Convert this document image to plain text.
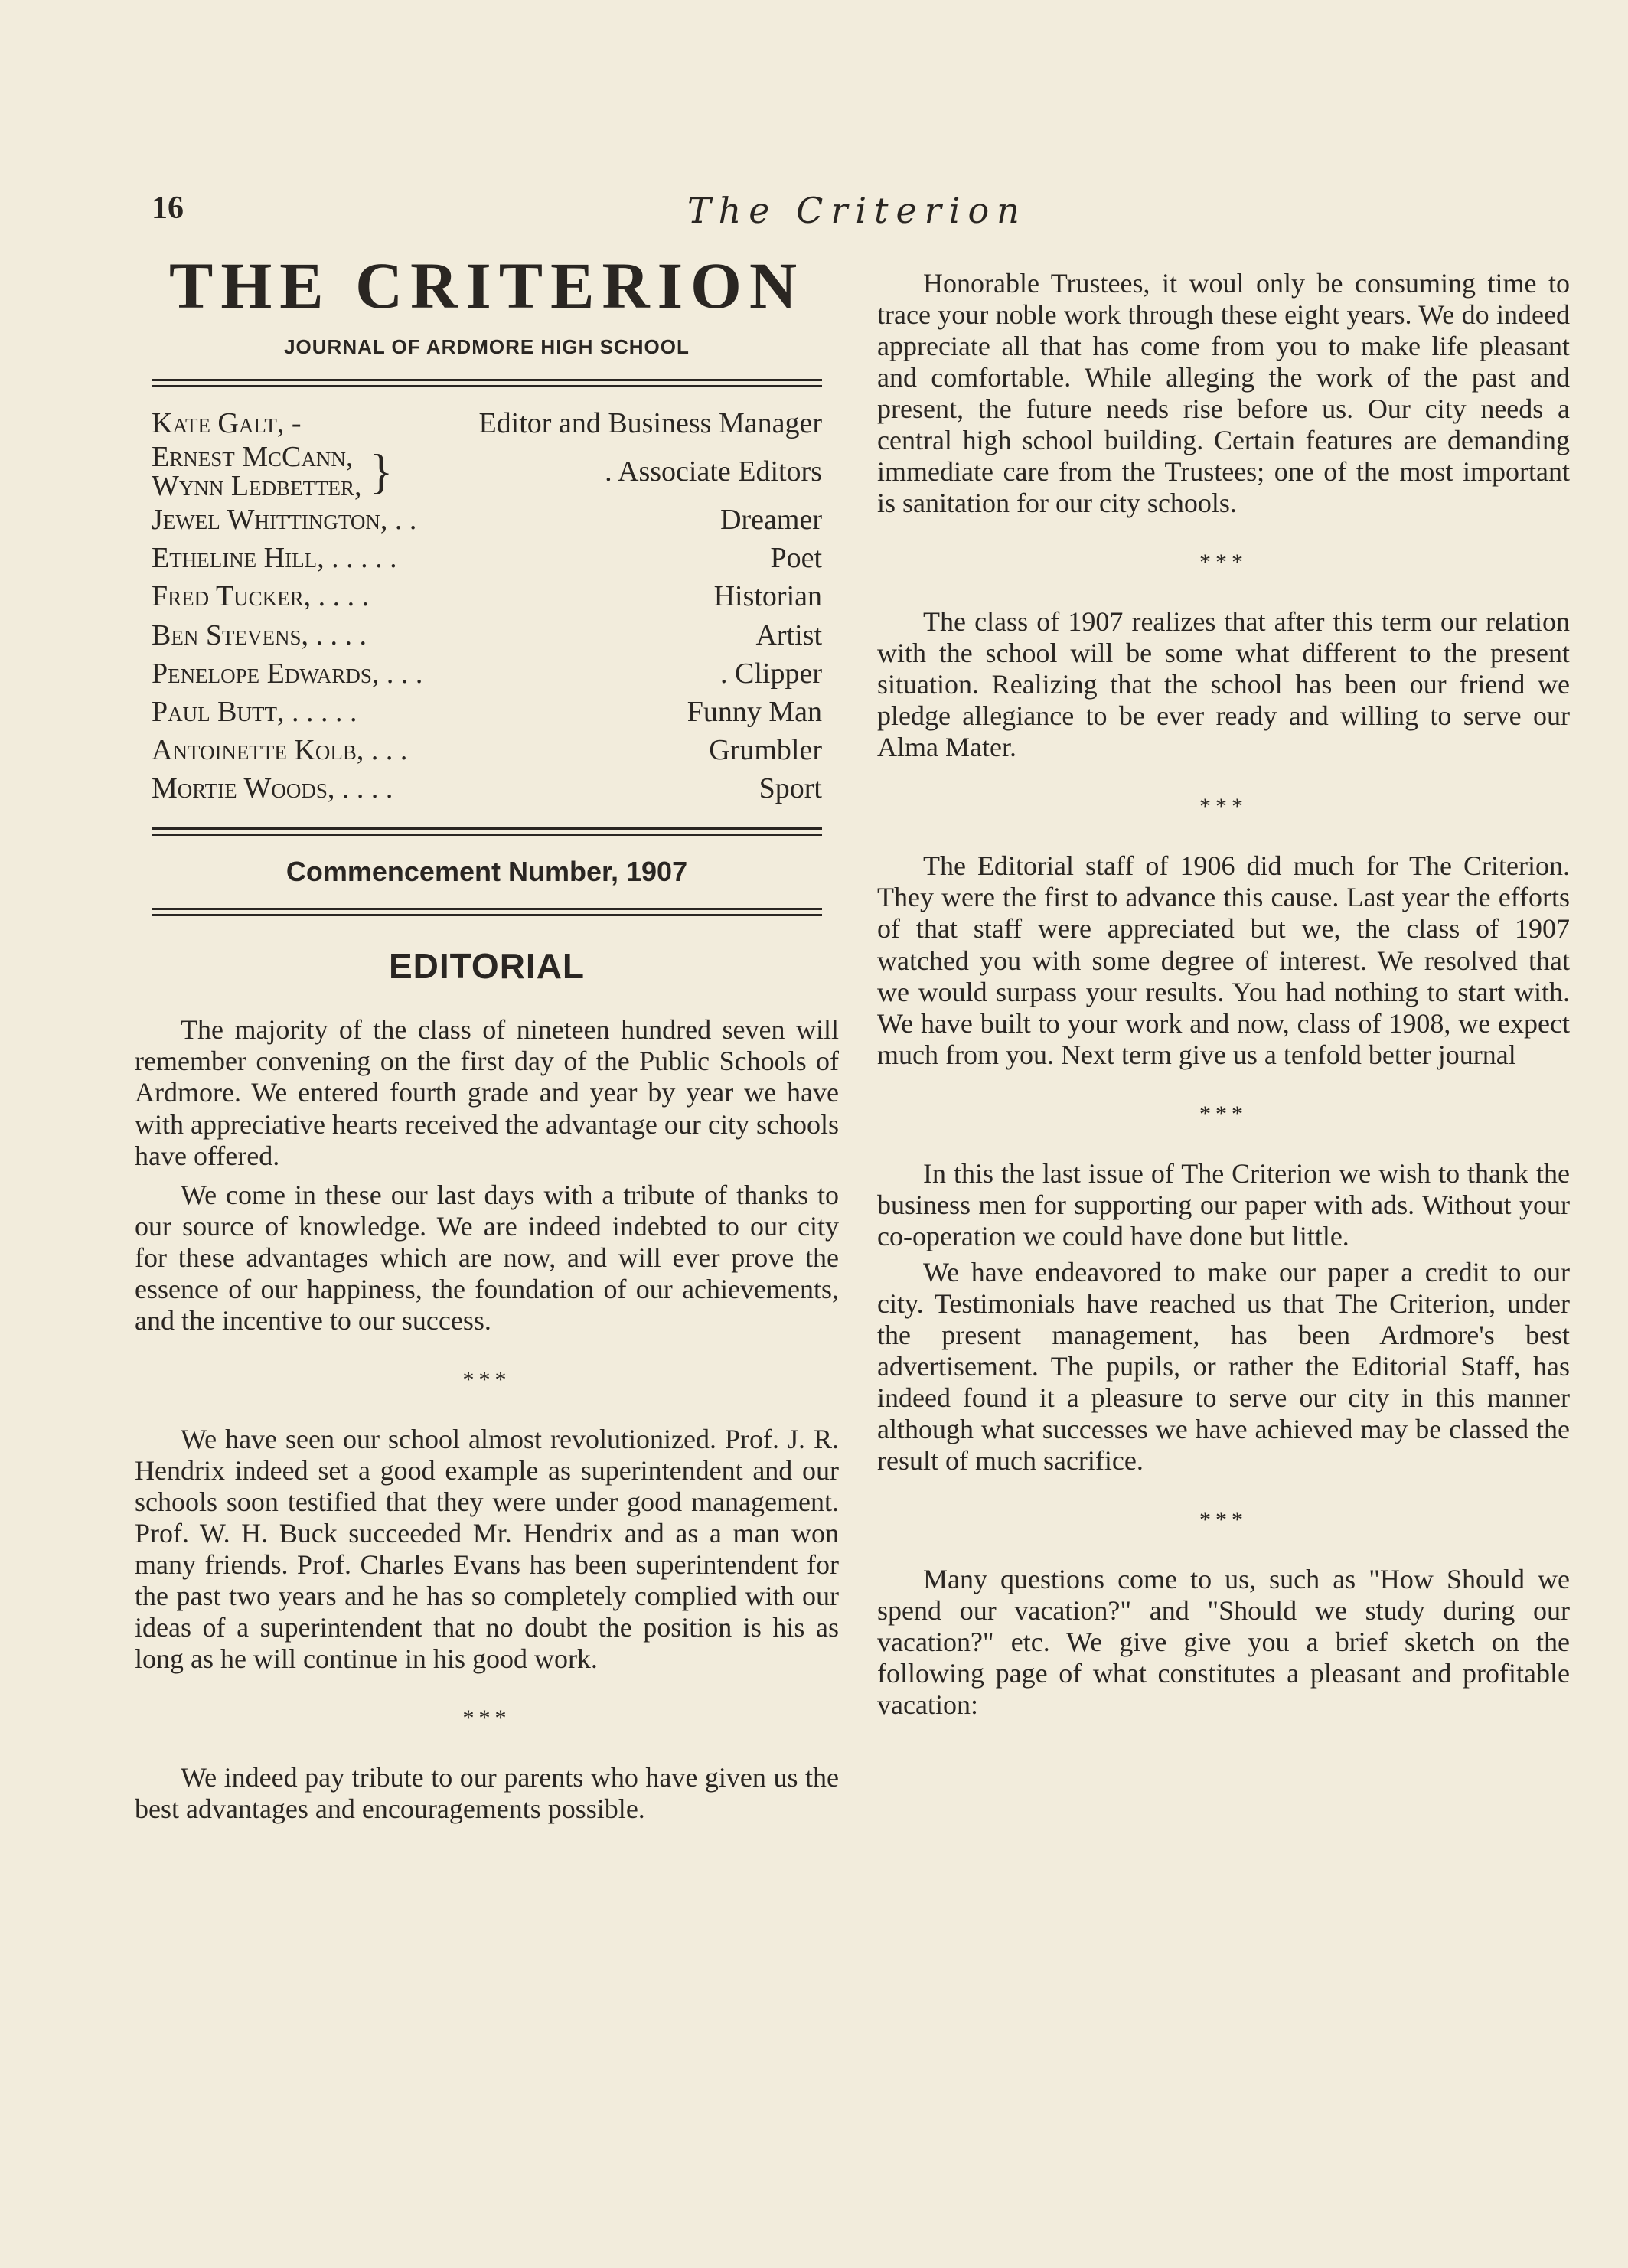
16	The Criterion
THE CRITERION
JOURNAL OF ARDMORE HIGH SCHOOL
Kate Galt, -	Editor and Business Manager
Ernest McCann,
Wynn Ledbetter, }	. Associate Editors
Jewel Whittington, . .	Dreamer
Etheline Hill, . . . . .	Poet
Fred Tucker, . . . .	Historian
Ben Stevens, . . . .	Artist
Penelope Edwards, . . .	. Clipper
Paul Butt, . . . . .	Funny Man
Antoinette Kolb, . . .	Grumbler
Mortie Woods, . . . .	Sport
Commencement Number, 1907
EDITORIAL

The majority of the class of nineteen hundred seven will remember convening on the first day of the Public Schools of Ardmore. We entered fourth grade and year by year we have with appreciative hearts received the advantage our city schools have offered.

We come in these our last days with a tribute of thanks to our source of knowledge. We are indeed indebted to our city for these advantages which are now, and will ever prove the essence of our happiness, the foundation of our achievements, and the incentive to our success.

***

We have seen our school almost revolutionized. Prof. J. R. Hendrix indeed set a good example as superintendent and our schools soon testified that they were under good management. Prof. W. H. Buck succeeded Mr. Hendrix and as a man won many friends. Prof. Charles Evans has been superintendent for the past two years and he has so completely complied with our ideas of a superintendent that no doubt the position is his as long as he will continue in his good work.

***

We indeed pay tribute to our parents who have given us the best advantages and encouragements possible.

Honorable Trustees, it woul only be consuming time to trace your noble work through these eight years. We do indeed appreciate all that has come from you to make life pleasant and comfortable. While alleging the work of the past and present, the future needs rise before us. Our city needs a central high school building. Certain features are demanding immediate care from the Trustees; one of the most important is sanitation for our city schools.

***

The class of 1907 realizes that after this term our relation with the school will be some what different to the present situation. Realizing that the school has been our friend we pledge allegiance to be ever ready and willing to serve our Alma Mater.

***

The Editorial staff of 1906 did much for The Criterion. They were the first to advance this cause. Last year the efforts of that staff were appreciated but we, the class of 1907 watched you with some degree of interest. We resolved that we would surpass your results. You had nothing to start with. We have built to your work and now, class of 1908, we expect much from you. Next term give us a tenfold better journal

***

In this the last issue of The Criterion we wish to thank the business men for supporting our paper with ads. Without your co-operation we could have done but little.

We have endeavored to make our paper a credit to our city. Testimonials have reached us that The Criterion, under the present management, has been Ardmore's best advertisement. The pupils, or rather the Editorial Staff, has indeed found it a pleasure to serve our city in this manner although what successes we have achieved may be classed the result of much sacrifice.

***

Many questions come to us, such as "How Should we spend our vacation?" and "Should we study during our vacation?" etc. We give give you a brief sketch on the following page of what constitutes a pleasant and profitable vacation:
